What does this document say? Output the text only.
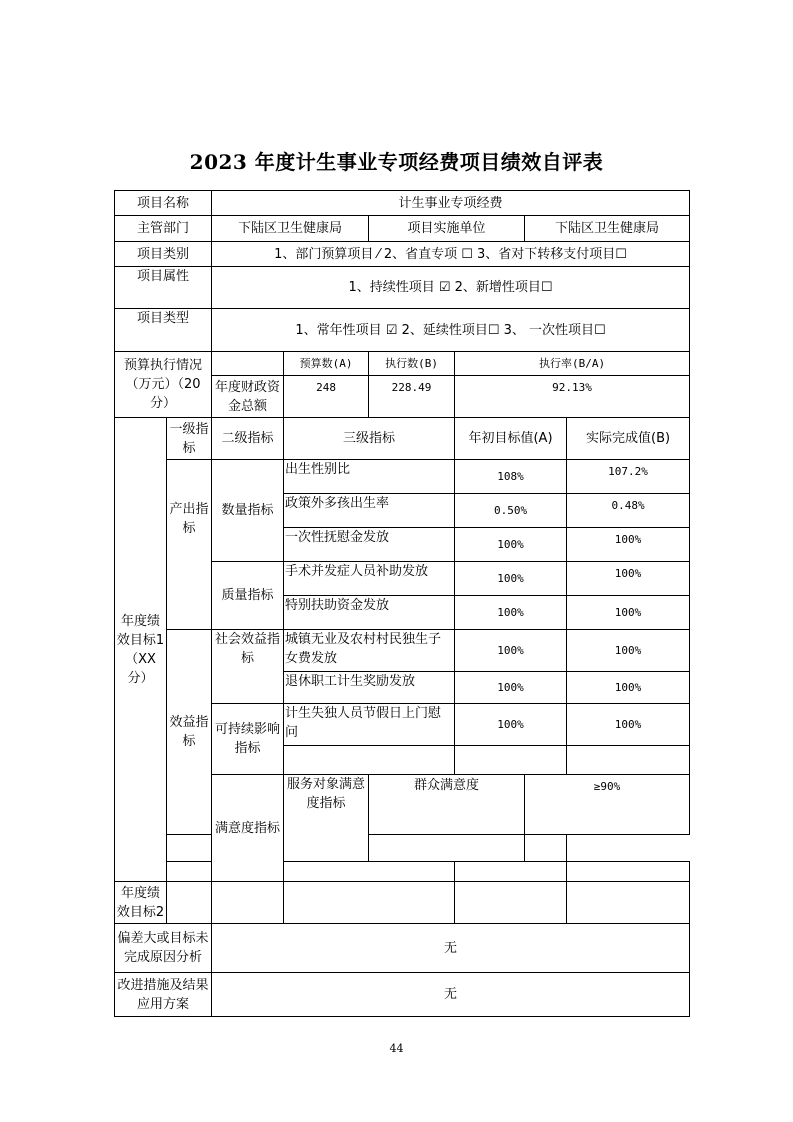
2023 年度计生事业专项经费项目绩效自评表
项目名称		计生事业专项经费						
主管部门		下陆区卫生健康局		项目实施单位		下陆区卫生健康局		
项目类别		1、部门预算项目 ⁄ 2、省直专项 ☐ 3、省对下转移支付项目☐						
项目属性		1、持续性项目 ☑ 2、新增性项目☐						
项目类型		1、常年性项目 ☑ 2、延续性项目☐ 3、 一次性项目☐						
预算执行情况（万元）（20分）			预算数(A)	执行数(B)	执行率(B/A)			
		年度财政资金总额	248	228.49	92.13%			
年度绩效目标1（XX分）	一级指标	二级指标	三级指标		年初目标值(A)		实际完成值(B)	
	产出指标	数量指标	出生性别比		108%		107.2%	
			政策外多孩出生率		0.50%		0.48%	
			一次性抚慰金发放		100%		100%	
		质量指标	手术并发症人员补助发放		100%		100%	
			特别扶助资金发放		100%		100%	
	效益指标	社会效益指标	城镇无业及农村村民独生子女费发放		100%		100%	
			退休职工计生奖励发放		100%		100%	
		可持续影响指标	计生失独人员节假日上门慰问		100%		100%	

		满意度指标	服务对象满意度指标	群众满意度		≥90%	

年度绩效目标2								
偏差大或目标未完成原因分析		无						
改进措施及结果应用方案		无						
44
